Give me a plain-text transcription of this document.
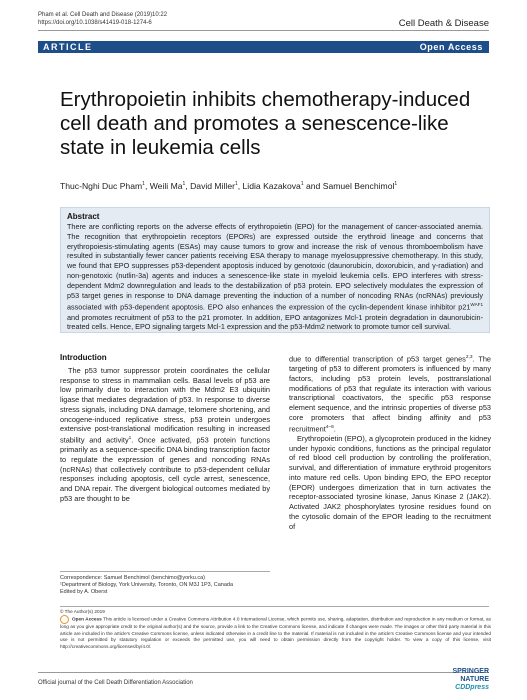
Pham et al. Cell Death and Disease (2019)10:22
https://doi.org/10.1038/s41419-018-1274-6	Cell Death & Disease
ARTICLE	Open Access
Erythropoietin inhibits chemotherapy-induced cell death and promotes a senescence-like state in leukemia cells
Thuc-Nghi Duc Pham$^1$, Weili Ma$^1$, David Miller$^1$, Lidia Kazakova$^1$ and Samuel Benchimol$^1$
Abstract

There are conflicting reports on the adverse effects of erythropoietin (EPO) for the management of cancer-associated anemia. The recognition that erythropoietin receptors (EPORs) are expressed outside the erythroid lineage and concerns that erythropoiesis-stimulating agents (ESAs) may cause tumors to grow and increase the risk of venous thromboembolism have resulted in substantially fewer cancer patients receiving ESA therapy to manage myelosuppressive chemotherapy. In this study, we found that EPO suppresses p53-dependent apoptosis induced by genotoxic (daunorubicin, doxorubicin, and γ-radiation) and non-genotoxic (nutlin-3a) agents and induces a senescence-like state in myeloid leukemia cells. EPO interferes with stress-dependent Mdm2 downregulation and leads to the destabilization of p53 protein. EPO selectively modulates the expression of p53 target genes in response to DNA damage preventing the induction of a number of noncoding RNAs (ncRNAs) previously associated with p53-dependent apoptosis. EPO also enhances the expression of the cyclin-dependent kinase inhibitor $p21^{WAF1}$ and promotes recruitment of p53 to the p21 promoter. In addition, EPO antagonizes Mcl-1 protein degradation in daunorubicin-treated cells. Hence, EPO signaling targets Mcl-1 expression and the p53-Mdm2 network to promote tumor cell survival.

Introduction

The p53 tumor suppressor protein coordinates the cellular response to stress in mammalian cells. Basal levels of p53 are low primarily due to interaction with the Mdm2 E3 ubiquitin ligase that mediates degradation of p53. In response to diverse stress signals, including DNA damage, telomere shortening, and oncogene-induced replicative stress, p53 protein undergoes extensive post-translational modification resulting in increased stability and activity$^1$. Once activated, p53 protein functions primarily as a sequence-specific DNA binding transcription factor to regulate the expression of genes and noncoding RNAs (ncRNAs) that collectively contribute to p53-dependent cellular responses including apoptosis, cell cycle arrest, senescence, and DNA repair. The divergent biological outcomes mediated by p53 are thought to be

due to differential transcription of p53 target genes$^{2,3}$. The targeting of p53 to different promoters is influenced by many factors, including p53 protein levels, posttranslational modifications of p53 that regulate its interaction with various transcriptional coactivators, the specific p53 response element sequence, and the intrinsic properties of diverse p53 core promoters that affect binding affinity and p53 recruitment$^{4-6}$.

Erythropoietin (EPO), a glycoprotein produced in the kidney under hypoxic conditions, functions as the principal regulator of red blood cell production by controlling the proliferation, survival, and differentiation of immature erythroid progenitors into mature red cells. Upon binding EPO, the EPO receptor (EPOR) undergoes dimerization that in turn activates the receptor-associated tyrosine kinase, Janus Kinase 2 (JAK2). Activated JAK2 phosphorylates tyrosine residues found on the cytosolic domain of the EPOR leading to the recruitment of

Correspondence: Samuel Benchimol (benchimo@yorku.ca)
¹Department of Biology, York University, Toronto, ON M3J 1P3, Canada
Edited by A. Oberst
© The Author(s) 2019
Open Access This article is licensed under a Creative Commons Attribution 4.0 International License, which permits use, sharing, adaptation, distribution and reproduction in any medium or format, as long as you give appropriate credit to the original author(s) and the source, provide a link to the Creative Commons license, and indicate if changes were made. The images or other third party material in this article are included in the article's Creative Commons license, unless indicated otherwise in a credit line to the material. If material is not included in the article's Creative Commons license and your intended use is not permitted by statutory regulation or exceeds the permitted use, you will need to obtain permission directly from the copyright holder. To view a copy of this license, visit http://creativecommons.org/licenses/by/4.0/.
Official journal of the Cell Death Differentiation Association
SPRINGER NATURE
CDDpress
